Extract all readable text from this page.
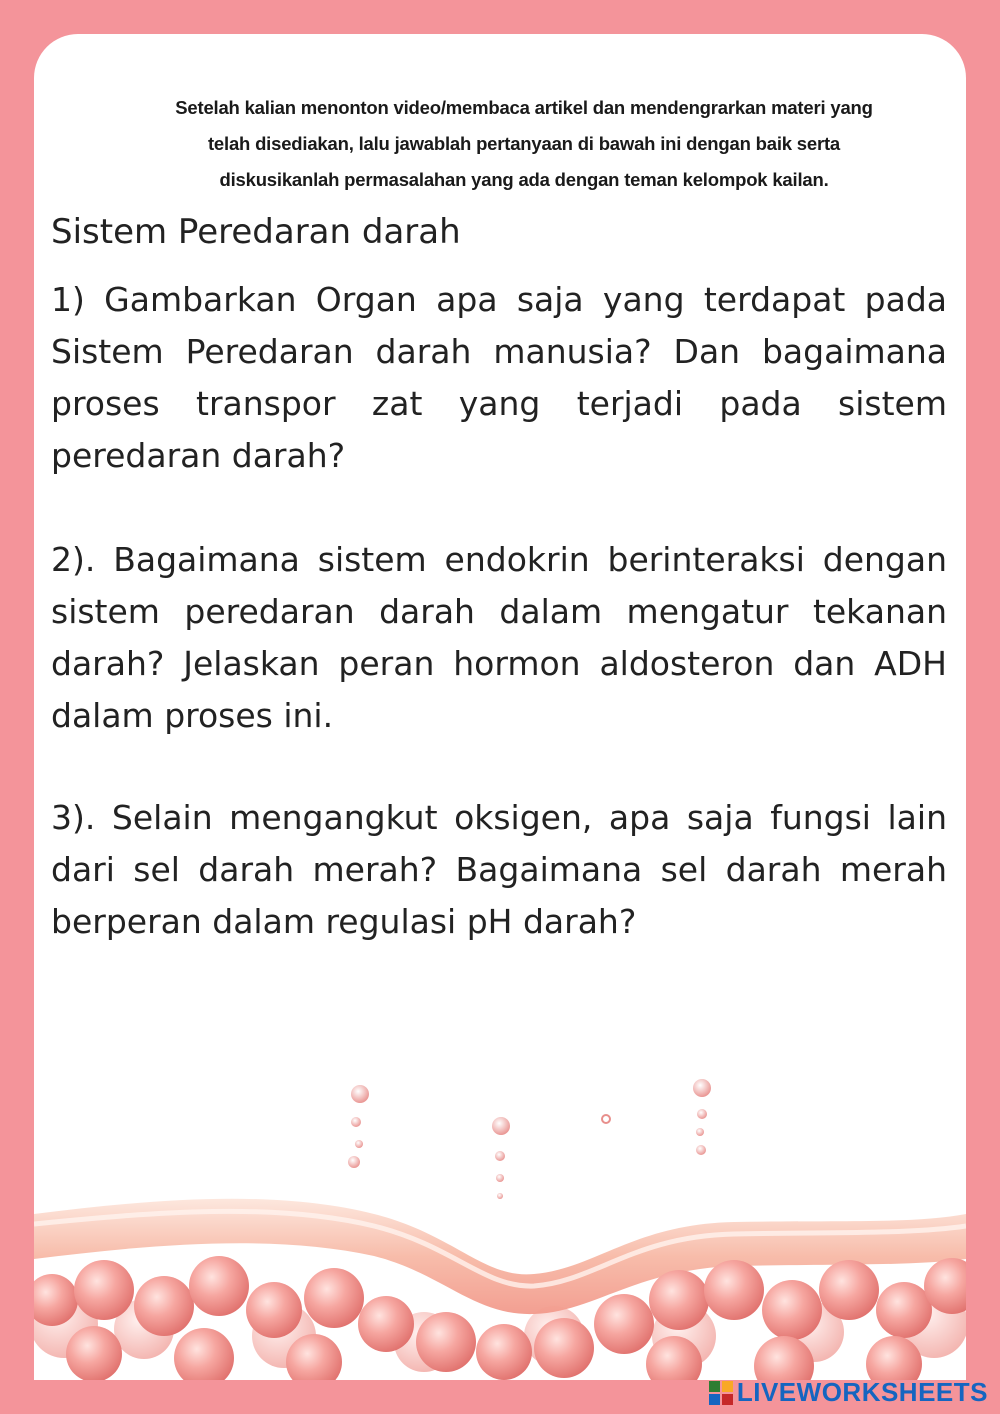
Setelah kalian menonton video/membaca artikel dan mendengrarkan materi yang
telah disediakan, lalu jawablah pertanyaan di bawah ini dengan baik serta
diskusikanlah permasalahan yang ada dengan teman kelompok kailan.
Sistem Peredaran darah
1) Gambarkan Organ apa saja yang terdapat pada Sistem Peredaran darah manusia? Dan bagaimana proses transpor zat yang terjadi pada sistem peredaran darah?
2). Bagaimana sistem endokrin berinteraksi dengan sistem peredaran darah dalam mengatur tekanan darah? Jelaskan peran hormon aldosteron dan ADH dalam proses ini.
3). Selain mengangkut oksigen, apa saja fungsi lain dari sel darah merah? Bagaimana sel darah merah berperan dalam regulasi pH darah?
LIVEWORKSHEETS
